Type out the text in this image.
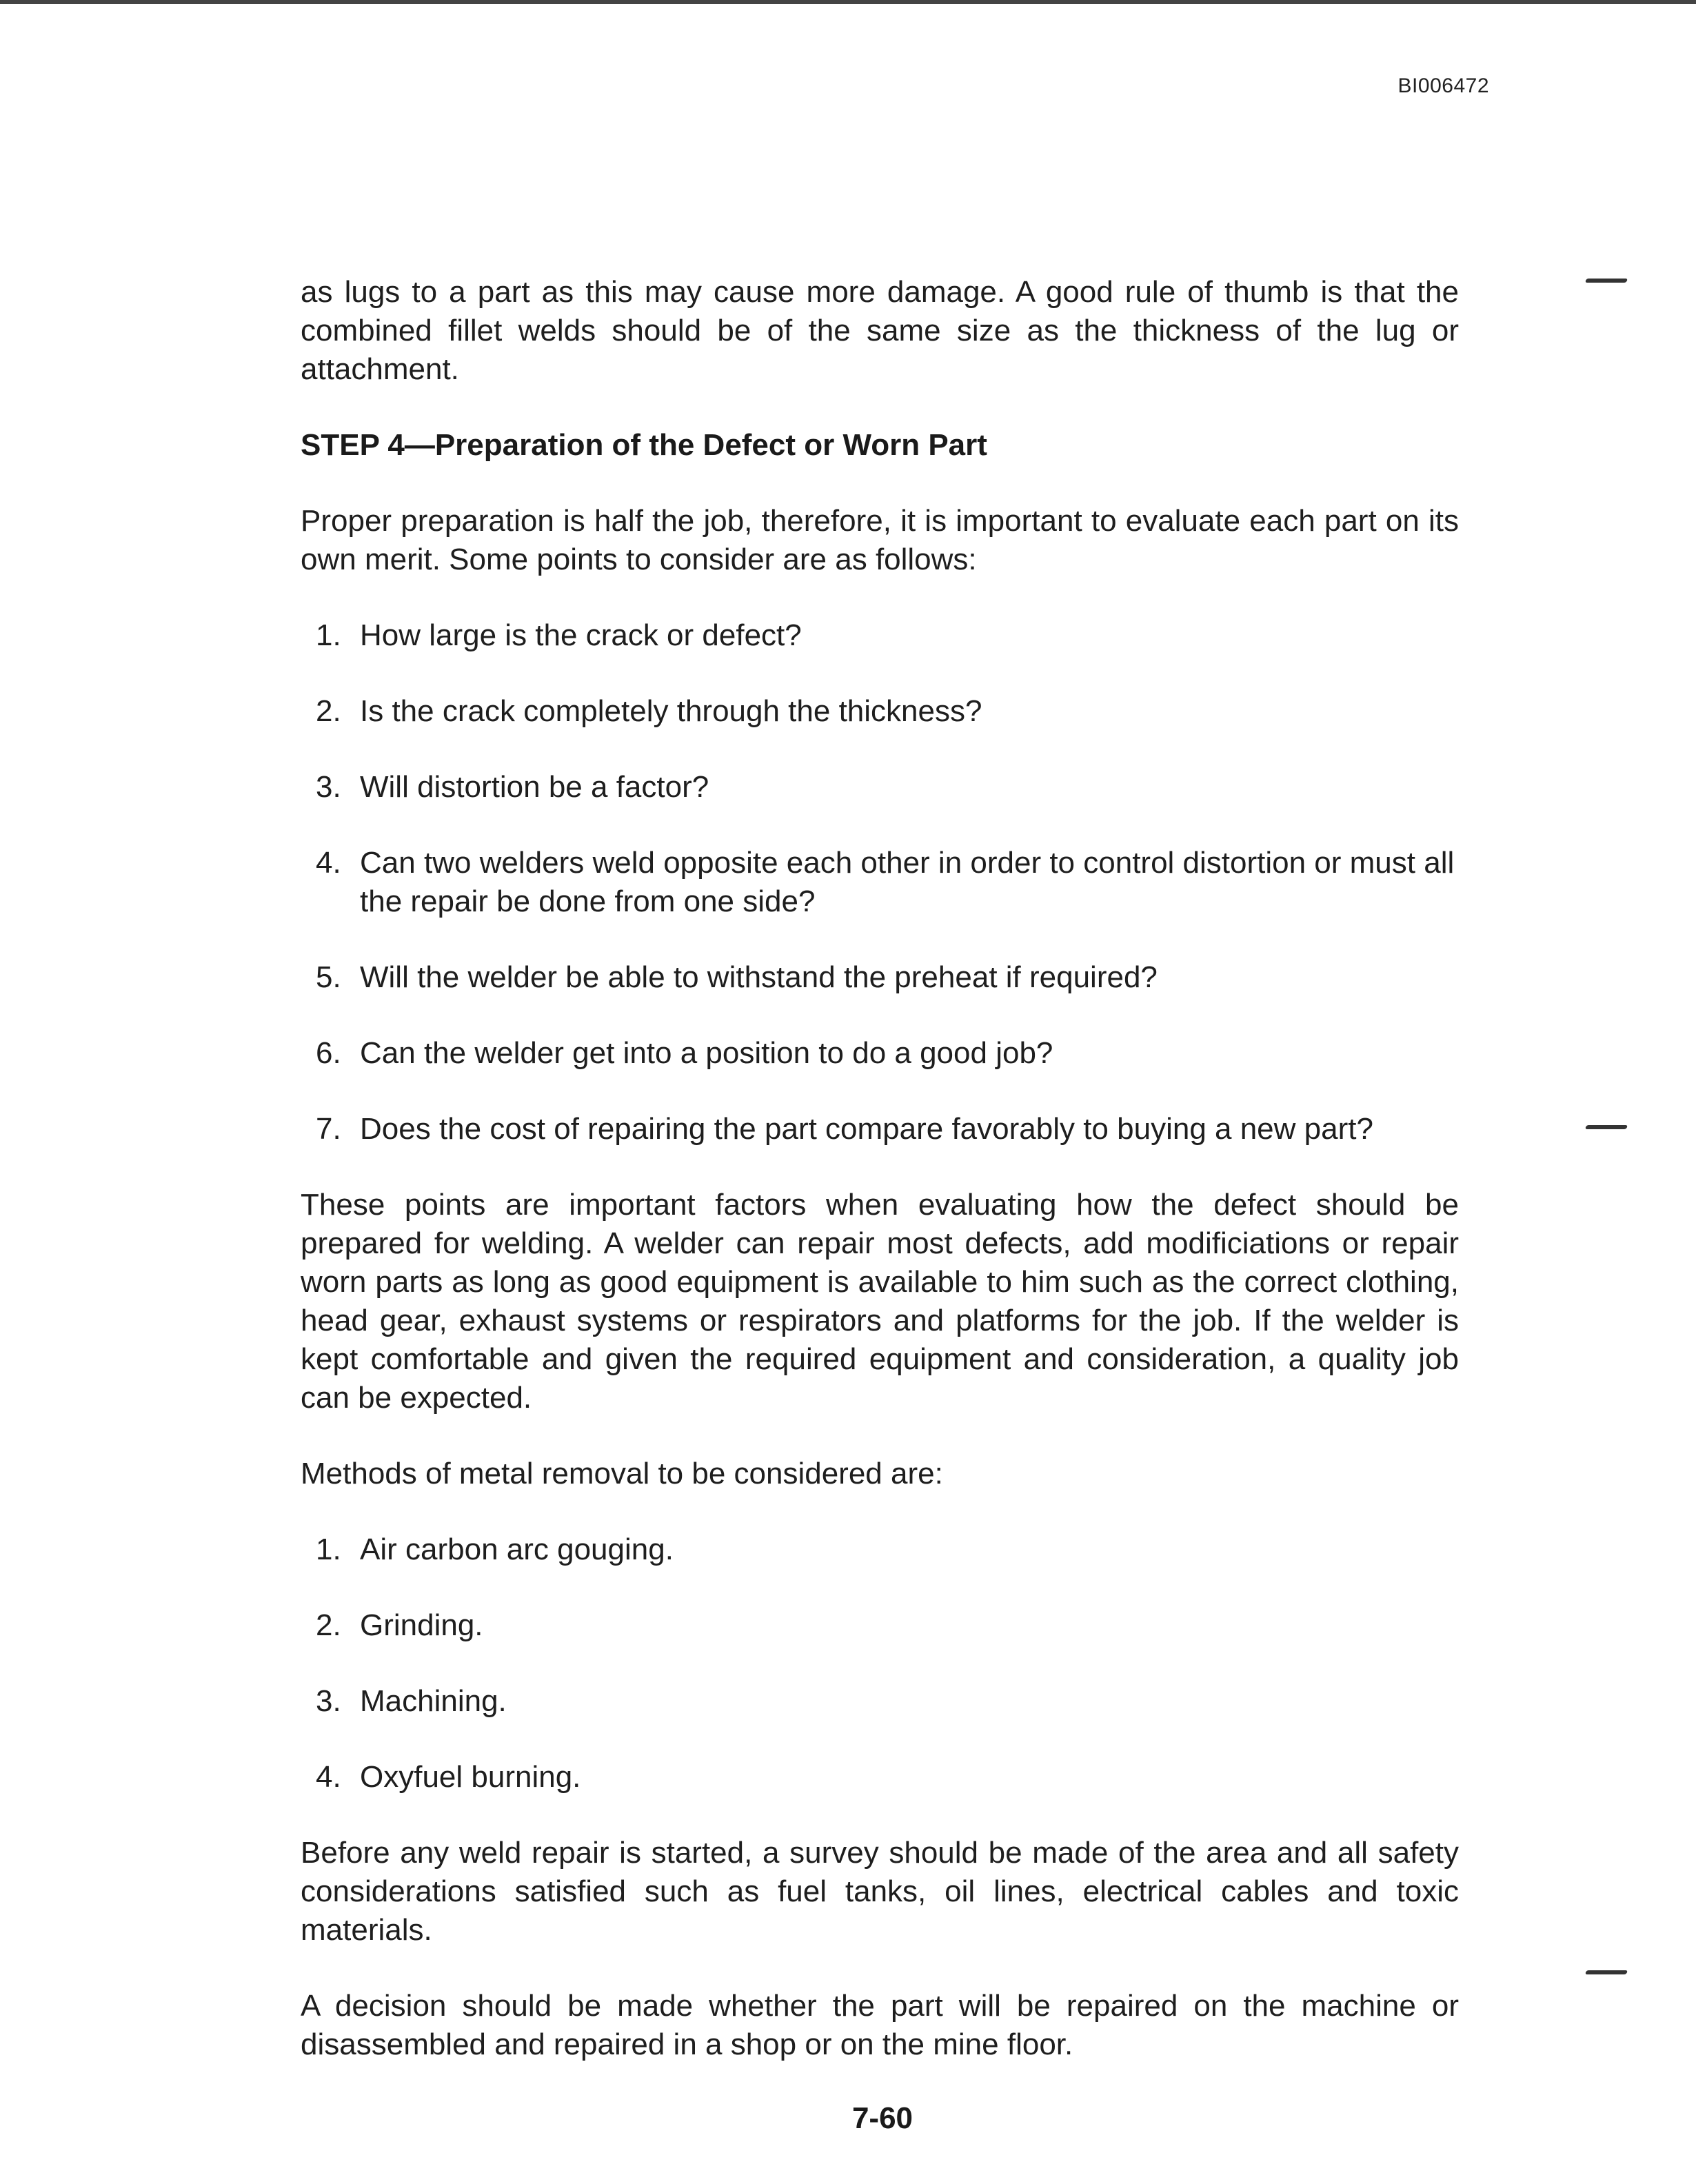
BI006472

as lugs to a part as this may cause more damage. A good rule of thumb is that the combined fillet welds should be of the same size as the thickness of the lug or attachment.

STEP 4—Preparation of the Defect or Worn Part

Proper preparation is half the job, therefore, it is important to evaluate each part on its own merit. Some points to consider are as follows:

1. How large is the crack or defect?
2. Is the crack completely through the thickness?
3. Will distortion be a factor?
4. Can two welders weld opposite each other in order to control distortion or must all the repair be done from one side?
5. Will the welder be able to withstand the preheat if required?
6. Can the welder get into a position to do a good job?
7. Does the cost of repairing the part compare favorably to buying a new part?

These points are important factors when evaluating how the defect should be prepared for welding. A welder can repair most defects, add modificiations or repair worn parts as long as good equipment is available to him such as the correct clothing, head gear, exhaust systems or respirators and platforms for the job. If the welder is kept comfortable and given the required equipment and consideration, a quality job can be expected.

Methods of metal removal to be considered are:

1. Air carbon arc gouging.
2. Grinding.
3. Machining.
4. Oxyfuel burning.

Before any weld repair is started, a survey should be made of the area and all safety considerations satisfied such as fuel tanks, oil lines, electrical cables and toxic materials.

A decision should be made whether the part will be repaired on the machine or disassembled and repaired in a shop or on the mine floor.

7-60
